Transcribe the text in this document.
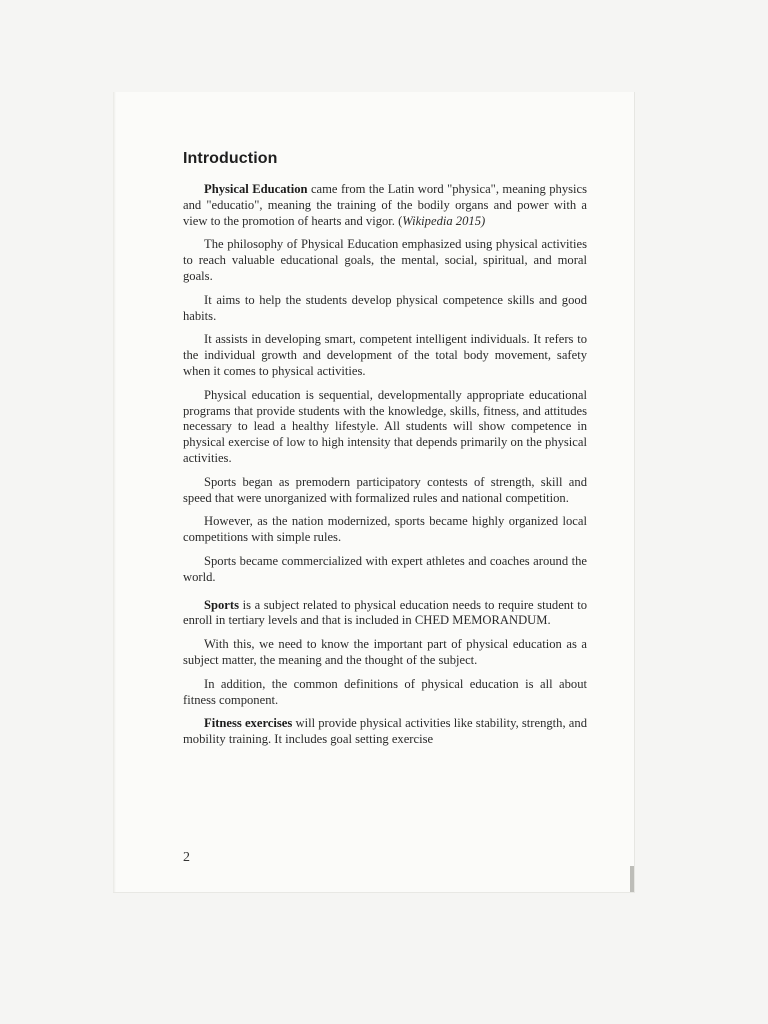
Introduction

Physical Education came from the Latin word "physica", meaning physics and "educatio", meaning the training of the bodily organs and power with a view to the promotion of hearts and vigor. (Wikipedia 2015)

The philosophy of Physical Education emphasized using physical activities to reach valuable educational goals, the mental, social, spiritual, and moral goals.

It aims to help the students develop physical competence skills and good habits.

It assists in developing smart, competent intelligent individuals. It refers to the individual growth and development of the total body movement, safety when it comes to physical activities.

Physical education is sequential, developmentally appropriate educational programs that provide students with the knowledge, skills, fitness, and attitudes necessary to lead a healthy lifestyle. All students will show competence in physical exercise of low to high intensity that depends primarily on the physical activities.

Sports began as premodern participatory contests of strength, skill and speed that were unorganized with formalized rules and national competition.

However, as the nation modernized, sports became highly organized local competitions with simple rules.

Sports became commercialized with expert athletes and coaches around the world.

Sports is a subject related to physical education needs to require student to enroll in tertiary levels and that is included in CHED MEMORANDUM.

With this, we need to know the important part of physical education as a subject matter, the meaning and the thought of the subject.

In addition, the common definitions of physical education is all about fitness component.

Fitness exercises will provide physical activities like stability, strength, and mobility training. It includes goal setting exercise

2
